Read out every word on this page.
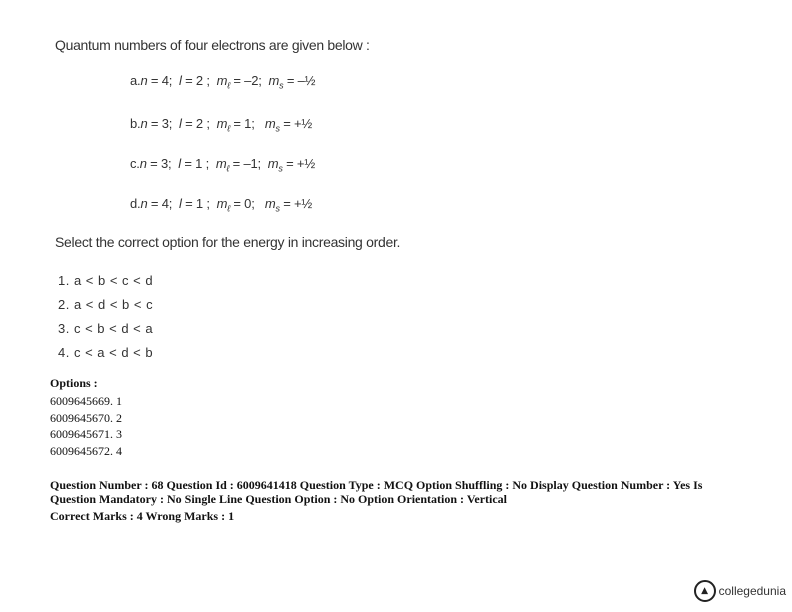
Quantum numbers of four electrons are given below :
a.n = 4;  l = 2 ;  $m_\ell = -2$;  $m_s$ = –½
b.n = 3;  l = 2 ;  $m_\ell = 1$;   $m_s$ = +½
c.n = 3;  l = 1 ;  $m_\ell = -1$;  $m_s$ = +½
d.n = 4;  l = 1 ;  $m_\ell = 0$;   $m_s$ = +½
Select the correct option for the energy in increasing order.
1. a < b < c < d
2. a < d < b < c
3. c < b < d < a
4. c < a < d < b
Options :
6009645669. 1
6009645670. 2
6009645671. 3
6009645672. 4
Question Number : 68 Question Id : 6009641418 Question Type : MCQ Option Shuffling : No Display Question Number : Yes Is
Question Mandatory : No Single Line Question Option : No Option Orientation : Vertical
Correct Marks : 4 Wrong Marks : 1
▲ collegedunia
